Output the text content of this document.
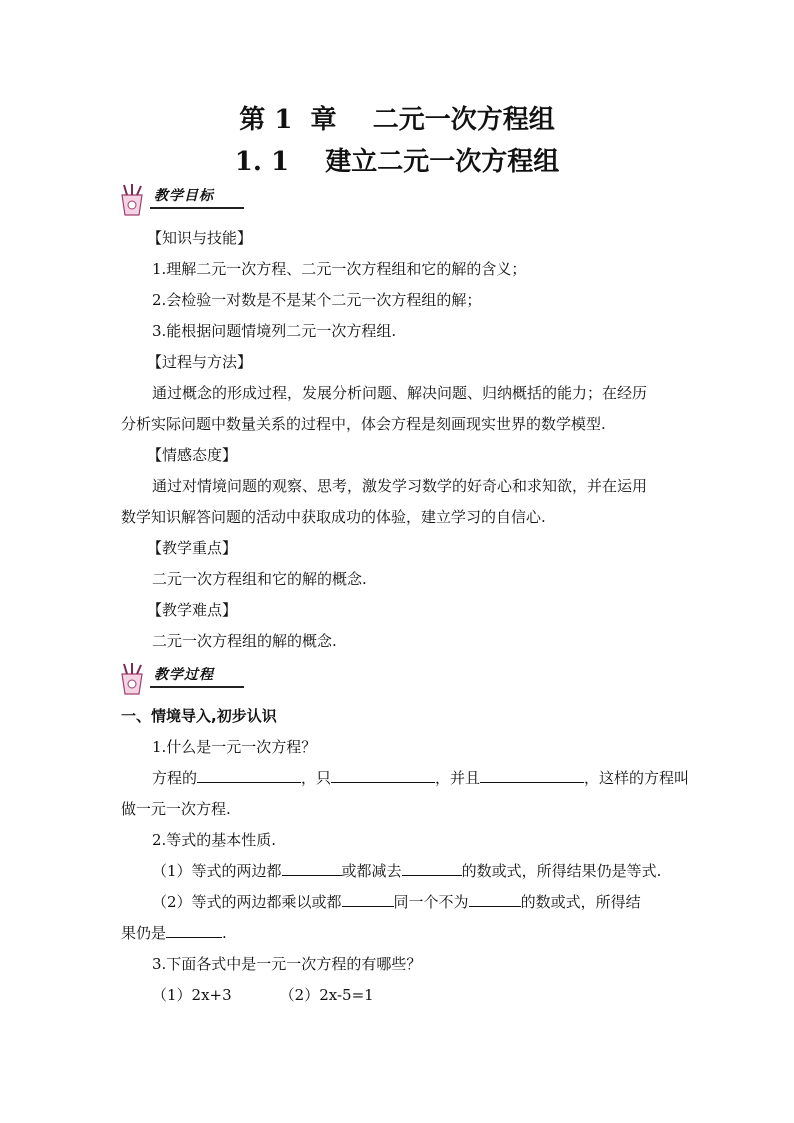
第 1  章    二元一次方程组
1. 1    建立二元一次方程组
教学目标
【知识与技能】
1.理解二元一次方程、二元一次方程组和它的解的含义；
2.会检验一对数是不是某个二元一次方程组的解；
3.能根据问题情境列二元一次方程组.
【过程与方法】
通过概念的形成过程，发展分析问题、解决问题、归纳概括的能力；在经历
分析实际问题中数量关系的过程中，体会方程是刻画现实世界的数学模型.
【情感态度】
通过对情境问题的观察、思考，激发学习数学的好奇心和求知欲，并在运用
数学知识解答问题的活动中获取成功的体验，建立学习的自信心.
【教学重点】
二元一次方程组和它的解的概念.
【教学难点】
二元一次方程组的解的概念.
教学过程
一、情境导入,初步认识
1.什么是一元一次方程？
方程的	，只	，并且	，这样的方程叫
做一元一次方程.
2.等式的基本性质.
（1）等式的两边都	或都减去	的数或式，所得结果仍是等式.
（2）等式的两边都乘以或都	同一个不为	的数或式，所得结
果仍是	.
3.下面各式中是一元一次方程的有哪些？
（1）2x+3	（2）2x-5=1
